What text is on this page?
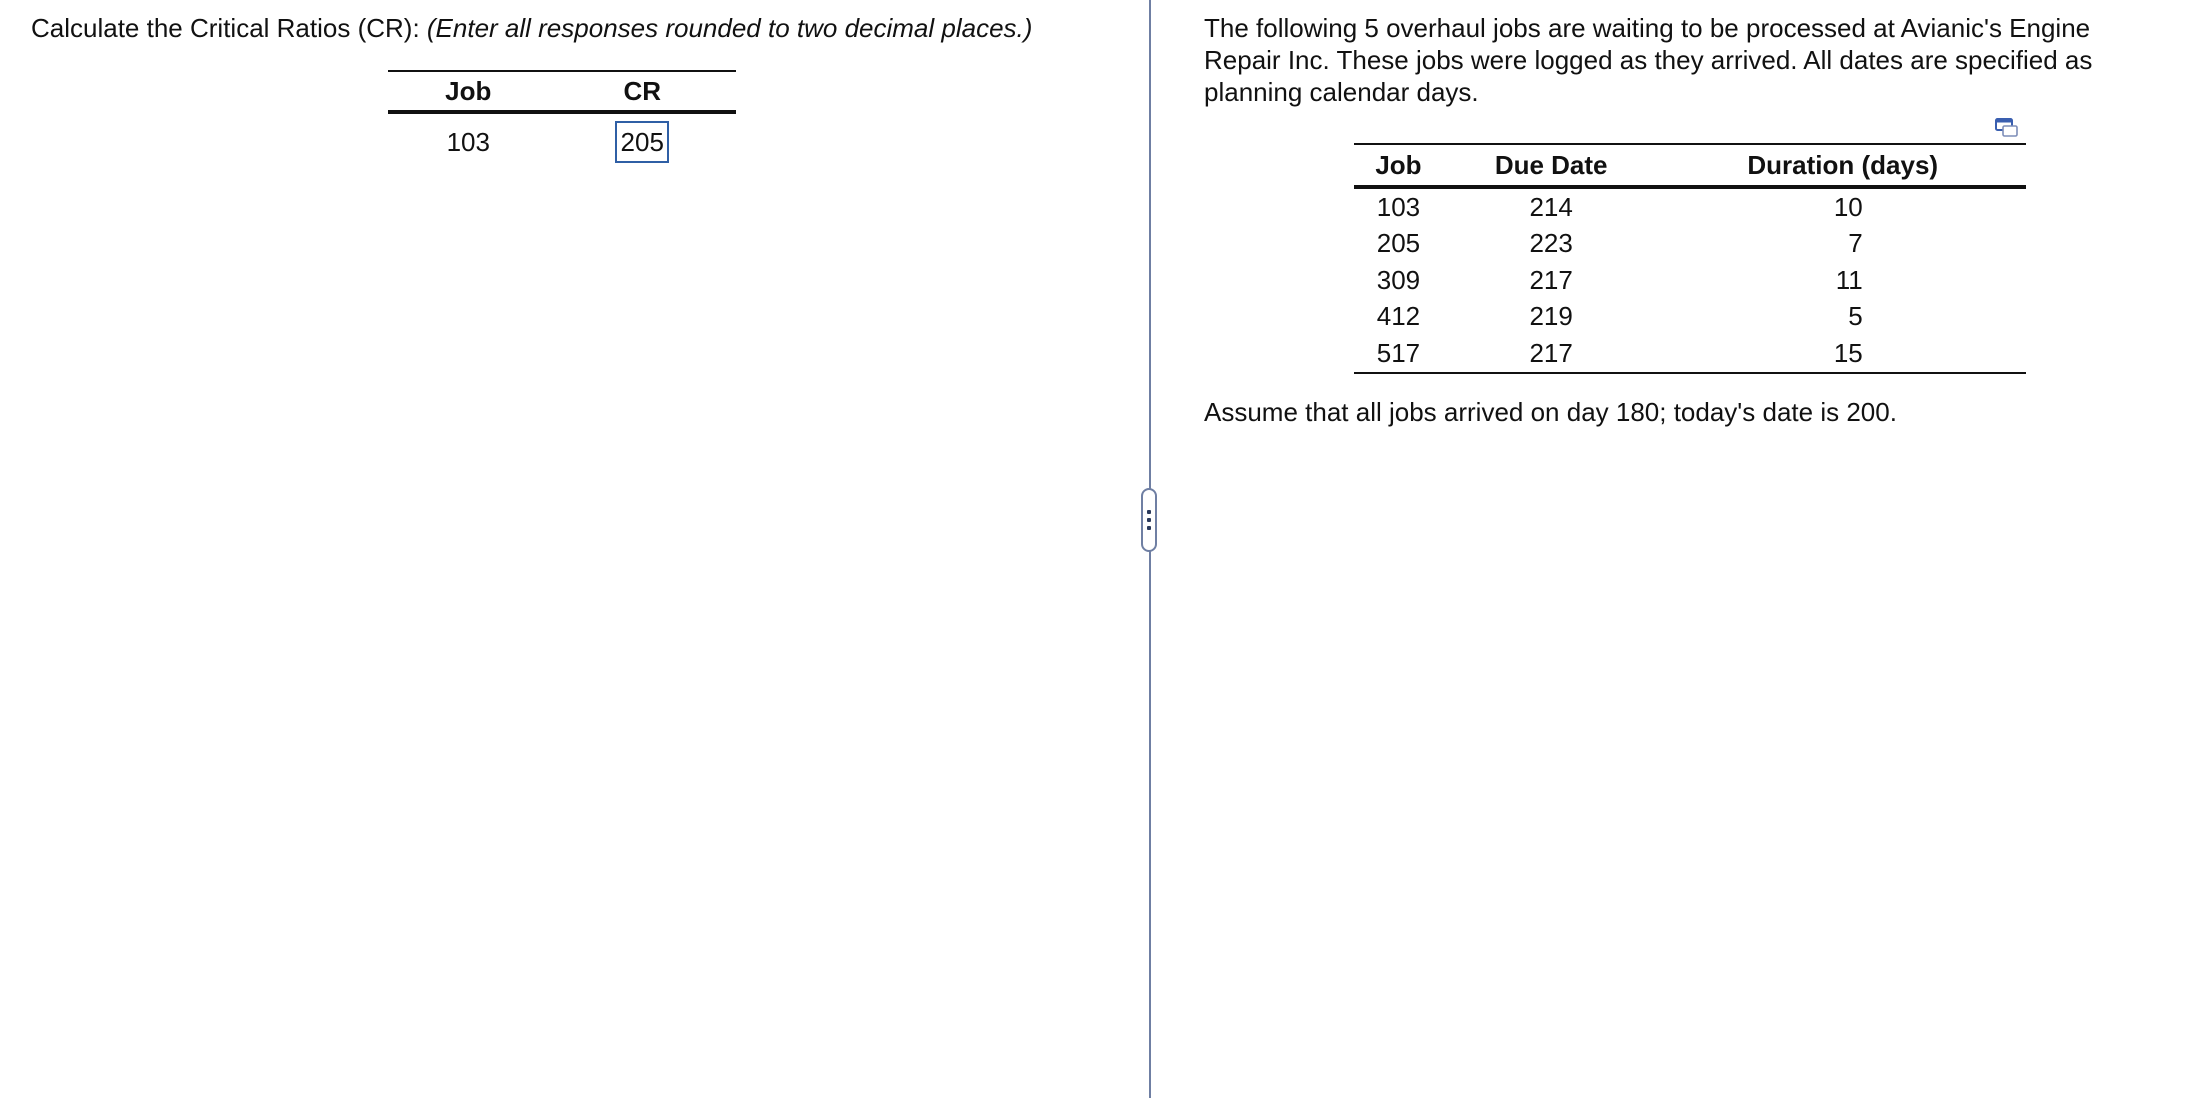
Calculate the Critical Ratios (CR): (Enter all responses rounded to two decimal places.)
Job	CR
103	205
The following 5 overhaul jobs are waiting to be processed at Avianic's Engine Repair Inc. These jobs were logged as they arrived. All dates are specified as planning calendar days.
Job	Due Date	Duration (days)
103	214	10
205	223	7
309	217	11
412	219	5
517	217	15
Assume that all jobs arrived on day 180; today's date is 200.
